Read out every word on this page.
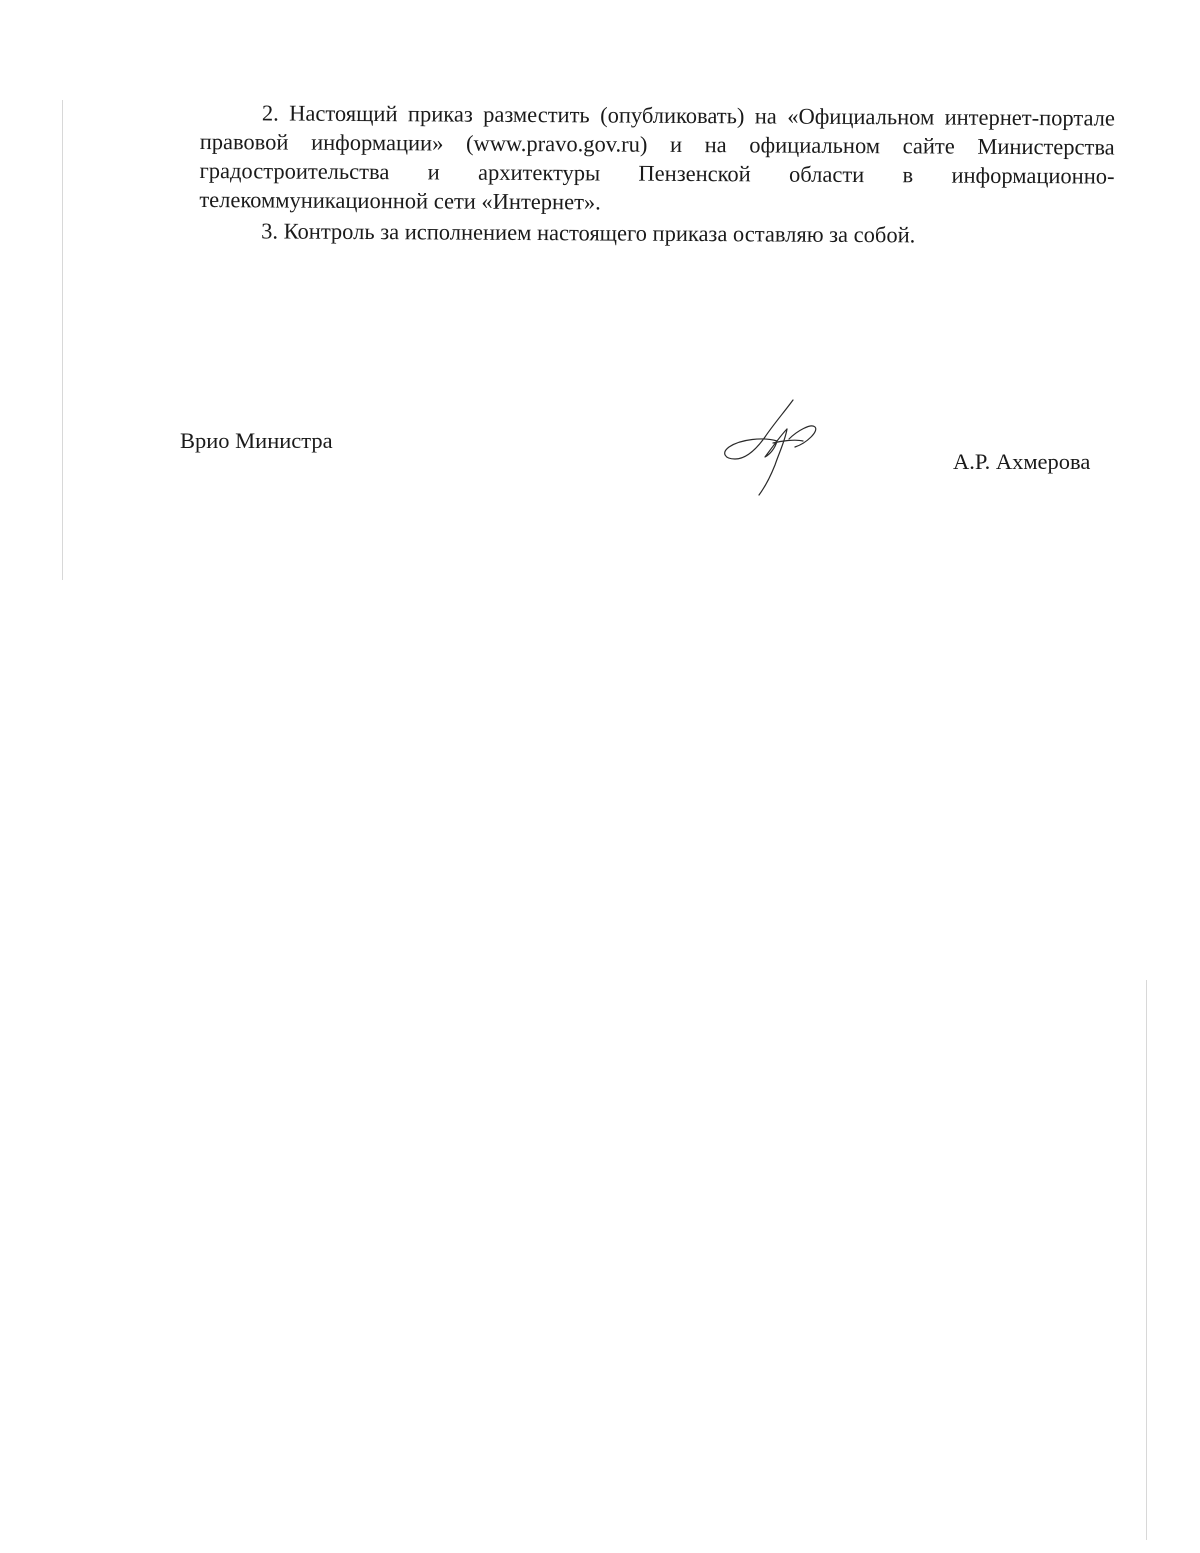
2. Настоящий приказ разместить (опубликовать) на «Официальном интернет-портале правовой информации» (www.pravo.gov.ru) и на официальном сайте Министерства градостроительства и архитектуры Пензенской области в информационно-телекоммуникационной сети «Интернет».

3. Контроль за исполнением настоящего приказа оставляю за собой.

Врио Министра
А.Р. Ахмерова
